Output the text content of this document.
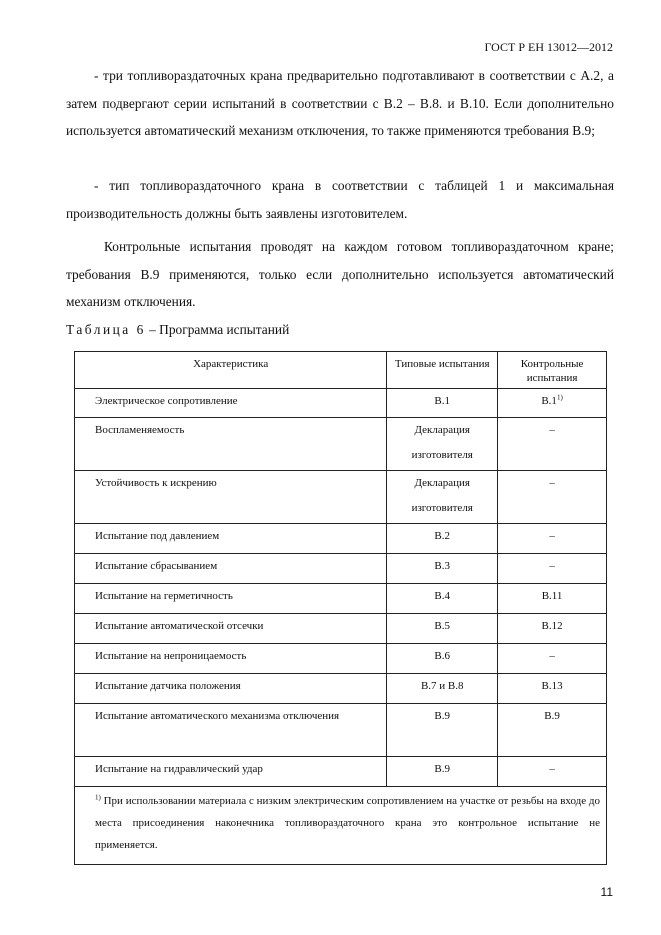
ГОСТ Р ЕН 13012—2012
- три топливораздаточных крана предварительно подготавливают в соответствии с А.2, а затем подвергают серии испытаний в соответствии с В.2 – В.8. и В.10. Если дополнительно используется автоматический механизм отключения, то также применяются требования В.9;
- тип топливораздаточного крана в соответствии с таблицей 1 и максимальная производительность должны быть заявлены изготовителем.
Контрольные испытания проводят на каждом готовом топливораздаточном кране; требования В.9 применяются, только если дополнительно используется автоматический механизм отключения.
Таблица 6 – Программа испытаний
Характеристика	Типовые испытания	Контрольные испытания
Электрическое сопротивление	В.1	В.1$^{1)}$
Воспламеняемость	Декларация изготовителя	–
Устойчивость к искрению	Декларация изготовителя	–
Испытание под давлением	В.2	–
Испытание сбрасыванием	В.3	–
Испытание на герметичность	В.4	В.11
Испытание автоматической отсечки	В.5	В.12
Испытание на непроницаемость	В.6	–
Испытание датчика положения	В.7 и В.8	В.13
Испытание автоматического механизма отключения	В.9	В.9
Испытание на гидравлический удар	В.9	–
$^{1)}$ При использовании материала с низким электрическим сопротивлением на участке от резьбы на входе до места присоединения наконечника топливораздаточного крана это контрольное испытание не применяется.		
11
